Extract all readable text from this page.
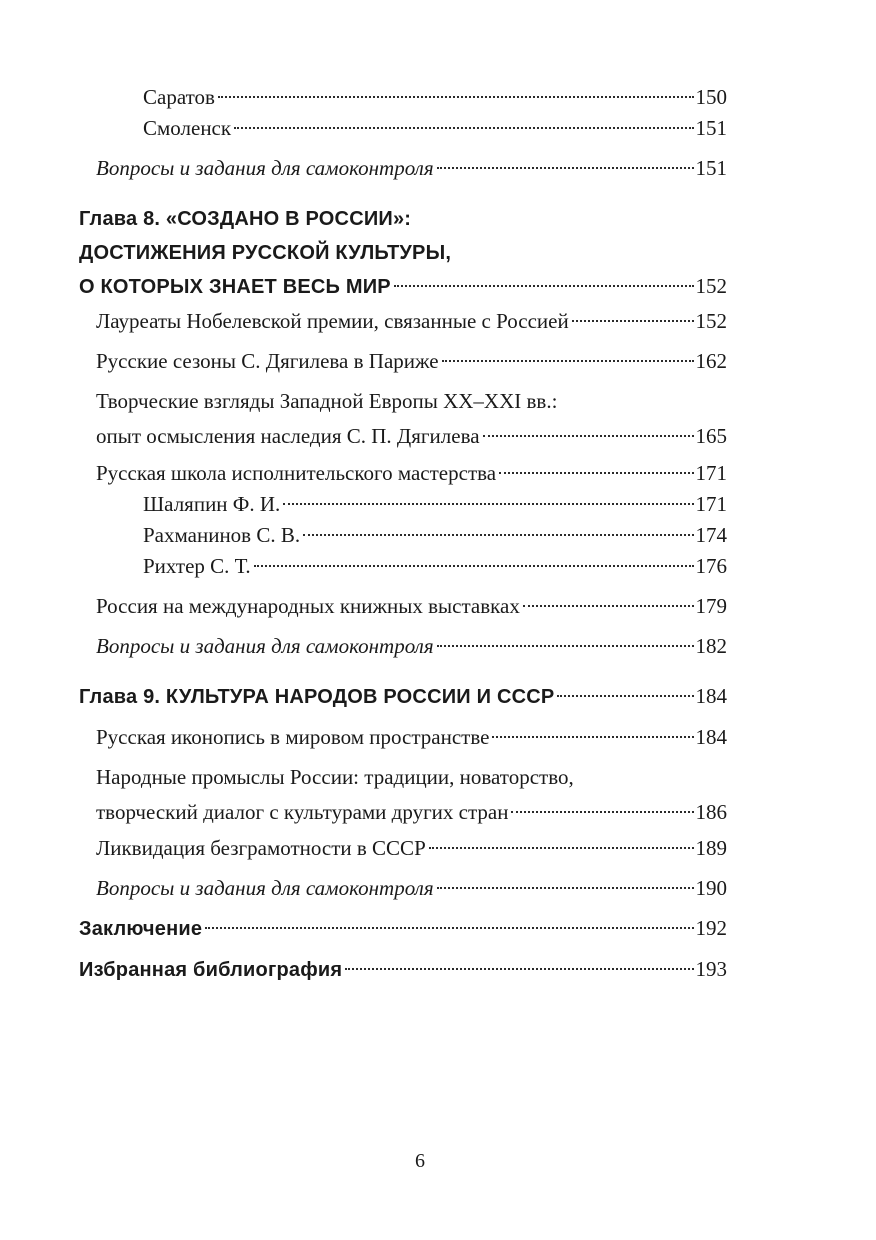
Саратов	150
Смоленск	151
Вопросы и задания для самоконтроля	151
Глава 8. «СОЗДАНО В РОССИИ»:
ДОСТИЖЕНИЯ РУССКОЙ КУЛЬТУРЫ,
О КОТОРЫХ ЗНАЕТ ВЕСЬ МИР	152
Лауреаты Нобелевской премии, связанные с Россией	152
Русские сезоны С. Дягилева в Париже	162
Творческие взгляды Западной Европы XX–XXI вв.:
опыт осмысления наследия С. П. Дягилева	165
Русская школа исполнительского мастерства	171
Шаляпин Ф. И.	171
Рахманинов С. В.	174
Рихтер С. Т.	176
Россия на международных книжных выставках	179
Вопросы и задания для самоконтроля	182
Глава 9. КУЛЬТУРА НАРОДОВ РОССИИ И СССР	184
Русская иконопись в мировом пространстве	184
Народные промыслы России: традиции, новаторство,
творческий диалог с культурами других стран	186
Ликвидация безграмотности в СССР	189
Вопросы и задания для самоконтроля	190
Заключение	192
Избранная библиография	193
6
